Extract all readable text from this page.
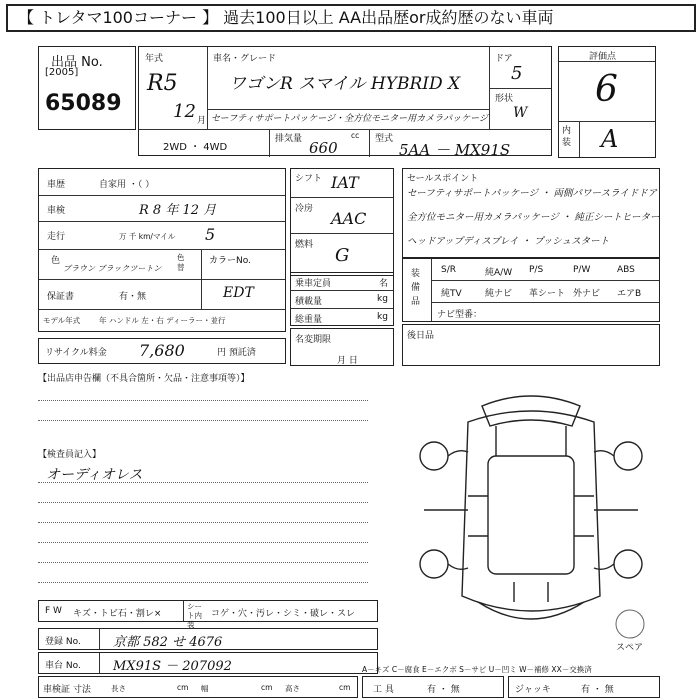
【 トレタマ100コーナー 】 過去100日以上 AA出品歴or成約歴のない車両
出品 No.
[2005]
65089
年式
R5
12 月
車名・グレード
ワゴンR スマイル HYBRID X
セーフティサポートパッケージ・全方位モニター用カメラパッケージ
ドア
5
形状
W
2WD ・ 4WD
排気量	cc
660	型式
5AA － MX91S
評価点
6
内装 A
車歴	自家用 ・（ ）
車検	R 8 年 12 月
走行	万 千 km/マイル 5
色
ブラウン ブラックツートン
色替
カラーNo.
EDT
保証書	有・無
モデル年式	年 ハンドル 左・右 ディーラー・並行
リサイクル料金 7,680	円 預託済
シフト IAT
冷房 AAC
燃料 G
乗車定員	名
積載量	kg
総重量	kg
名変期限
月 日
セールスポイント
セーフティサポートパッケージ ・ 両側パワースライドドア
全方位モニター用カメラパッケージ ・ 純正シートヒーター
ヘッドアップディスプレイ ・ プッシュスタート
装備品
S/R	純A/W P/S	P/W	ABS
純TV	純ナビ 革シート 外ナビ エアB
ナビ型番：
後日品
【出品店申告欄（不具合箇所・欠品・注意事項等）】
【検査員記入】
オーディオレス
スペア
F W キズ・トビ石・割レ×
シート内装
コゲ・穴・汚レ・シミ・破レ・スレ
登録 No. 京都 582 せ 4676
車台 No. MX91S － 207092
車検証 寸法	長さ	cm 幅	cm 高さ	cm
A－キズ C－腐食 E－エクボ S－サビ U－凹ミ W－補修 XX－交換済
工 具	有 ・ 無	ジャッキ	有 ・ 無
